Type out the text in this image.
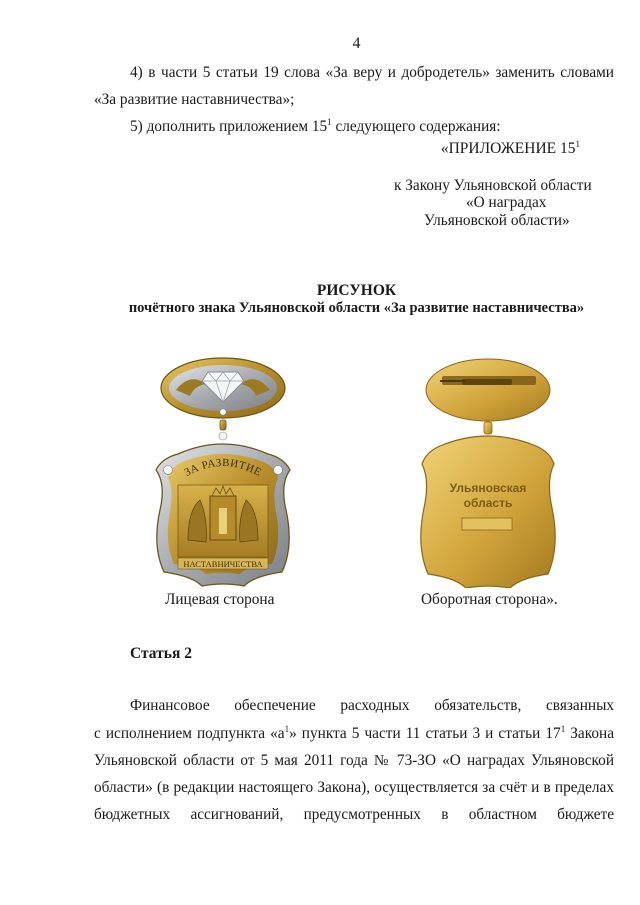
4
4) в части 5 статьи 19 слова «За веру и добродетель» заменить словами
«За развитие наставничества»;
5) дополнить приложением $15^1$ следующего содержания:
«ПРИЛОЖЕНИЕ $15^1$
к Закону Ульяновской области
«О наградах
Ульяновской области»
РИСУНОК
почётного знака Ульяновской области «За развитие наставничества»
ЗА РАЗВИТИЕ
НАСТАВНИЧЕСТВА
Ульяновская
область
Лицевая сторона	Оборотная сторона».
Статья 2
Финансовое обеспечение расходных обязательств, связанных
с исполнением подпункта «$а^1$» пункта 5 части 11 статьи 3 и статьи $17^1$ Закона
Ульяновской области от 5 мая 2011 года № 73-ЗО «О наградах Ульяновской
области» (в редакции настоящего Закона), осуществляется за счёт и в пределах
бюджетных ассигнований, предусмотренных в областном бюджете
